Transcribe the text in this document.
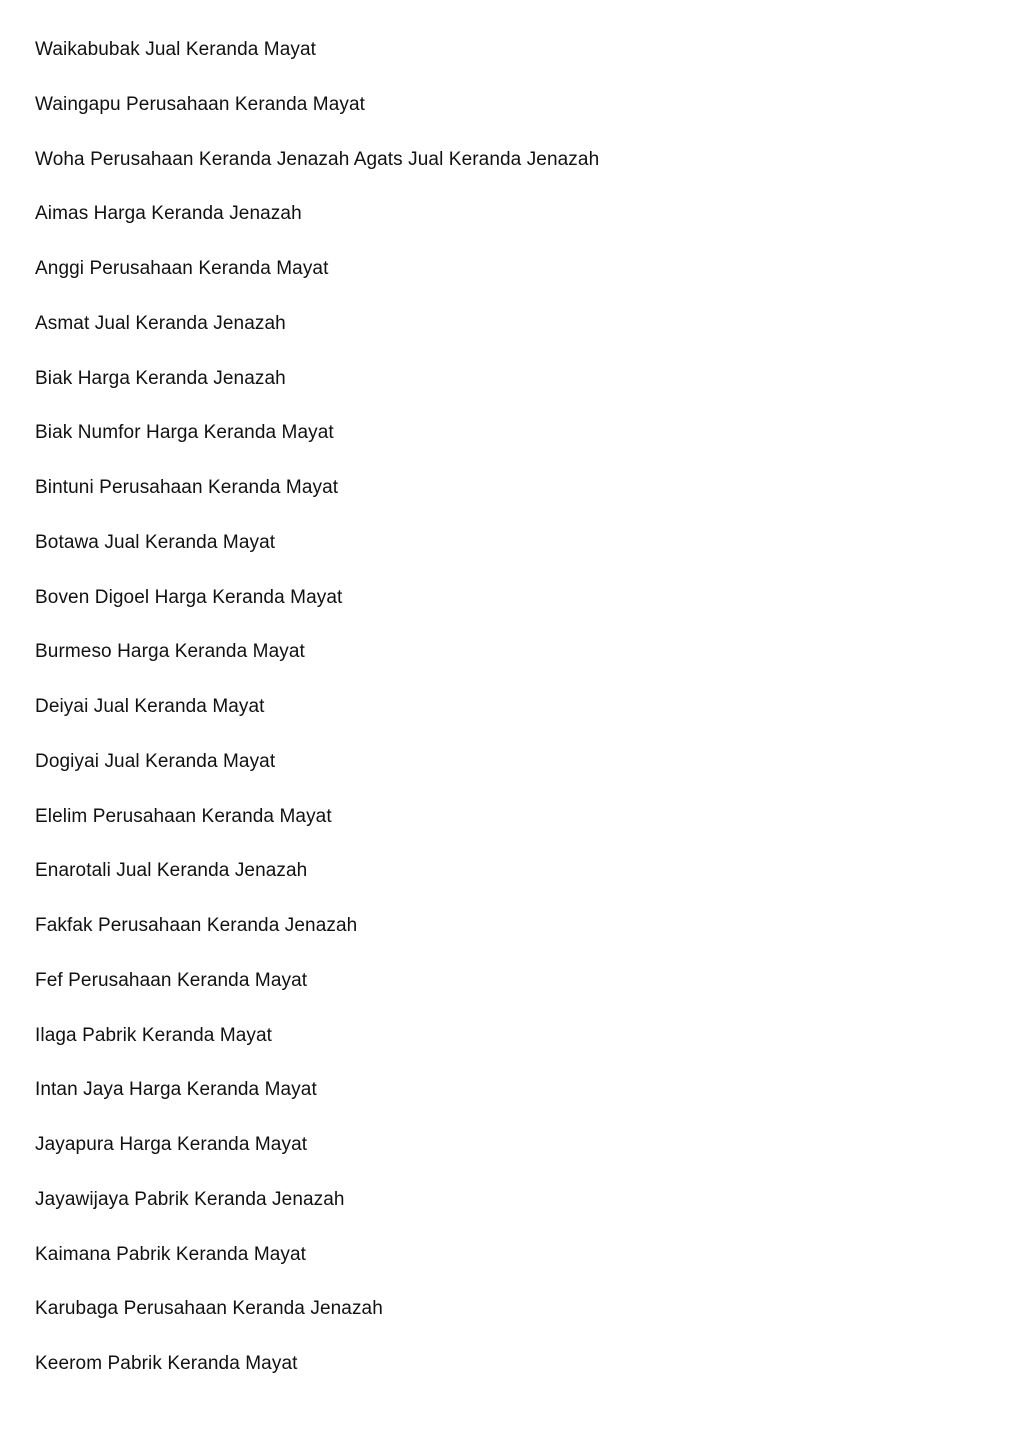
Waikabubak Jual Keranda Mayat
Waingapu Perusahaan Keranda Mayat
Woha Perusahaan Keranda Jenazah Agats Jual Keranda Jenazah
Aimas Harga Keranda Jenazah
Anggi Perusahaan Keranda Mayat
Asmat Jual Keranda Jenazah
Biak Harga Keranda Jenazah
Biak Numfor Harga Keranda Mayat
Bintuni Perusahaan Keranda Mayat
Botawa Jual Keranda Mayat
Boven Digoel Harga Keranda Mayat
Burmeso Harga Keranda Mayat
Deiyai Jual Keranda Mayat
Dogiyai Jual Keranda Mayat
Elelim Perusahaan Keranda Mayat
Enarotali Jual Keranda Jenazah
Fakfak Perusahaan Keranda Jenazah
Fef Perusahaan Keranda Mayat
Ilaga Pabrik Keranda Mayat
Intan Jaya Harga Keranda Mayat
Jayapura Harga Keranda Mayat
Jayawijaya Pabrik Keranda Jenazah
Kaimana Pabrik Keranda Mayat
Karubaga Perusahaan Keranda Jenazah
Keerom Pabrik Keranda Mayat
